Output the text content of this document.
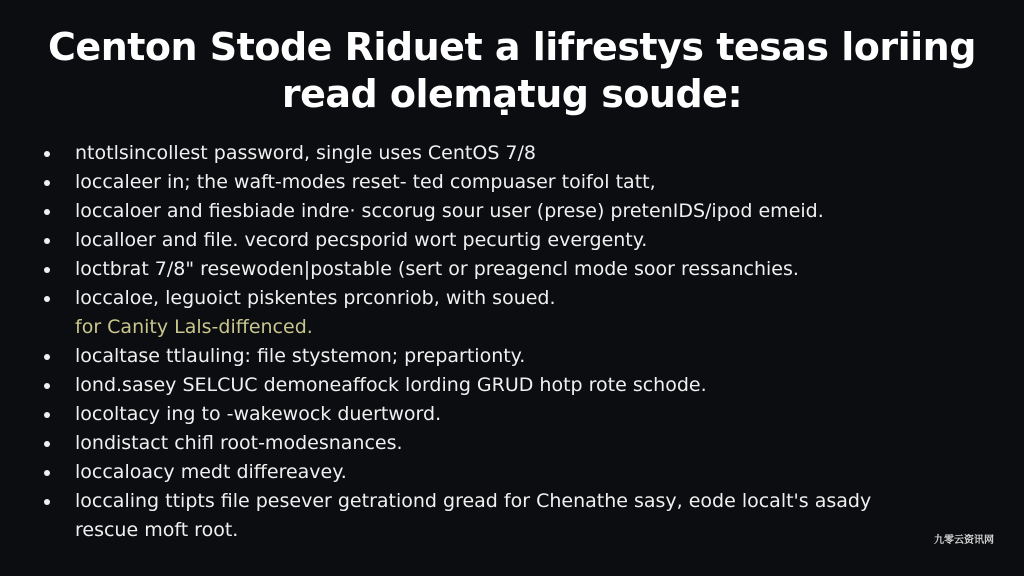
Centon Stode Riduet a lifrestys tesas loriing
read olemạtug soude:
ntotlsincollest password, single uses CentOS 7/8
loccaleer in; the waft-modes reset- ted compuaser toifol tatt,
loccaloer and fiesbiade indre· sccorug sour user (prese) pretenIDS/ipod emeid.
localloer and file. vecord pecsporid wort pecurtig evergenty.
loctbrat 7/8" resewoden|postable (sert or preagencl mode soor ressanchies.
loccaloe, leguoict piskentes prconriob, with soued.
for Canity Lals-diffenced.
localtase ttlauling: file stystemon; prepartionty.
lond.sasey SELCUC demoneaffock lording GRUD hotp rote schode.
locoltacy ing to -wakewock duertword.
londistact chifl root-modesnances.
loccaloacy medt differeavey.
loccaling ttipts file pesever getrationd gread for Chenathe sasy, eode localt's asady
rescue moft root.	九零云资讯网
